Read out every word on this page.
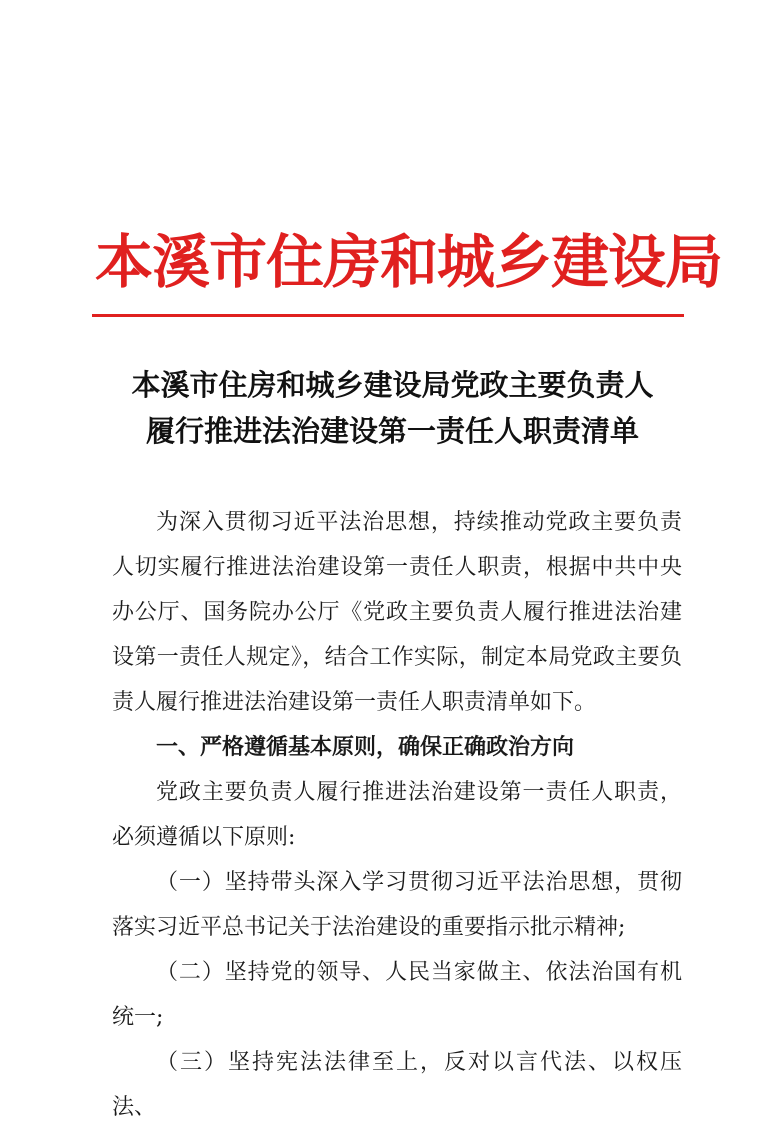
本溪市住房和城乡建设局
本溪市住房和城乡建设局党政主要负责人
履行推进法治建设第一责任人职责清单

为深入贯彻习近平法治思想，持续推动党政主要负责人切实履行推进法治建设第一责任人职责，根据中共中央办公厅、国务院办公厅《党政主要负责人履行推进法治建设第一责任人规定》，结合工作实际，制定本局党政主要负责人履行推进法治建设第一责任人职责清单如下。

一、严格遵循基本原则，确保正确政治方向

党政主要负责人履行推进法治建设第一责任人职责，必须遵循以下原则:

（一）坚持带头深入学习贯彻习近平法治思想，贯彻落实习近平总书记关于法治建设的重要指示批示精神;

（二）坚持党的领导、人民当家做主、依法治国有机统一;

（三）坚持宪法法律至上，反对以言代法、以权压法、
